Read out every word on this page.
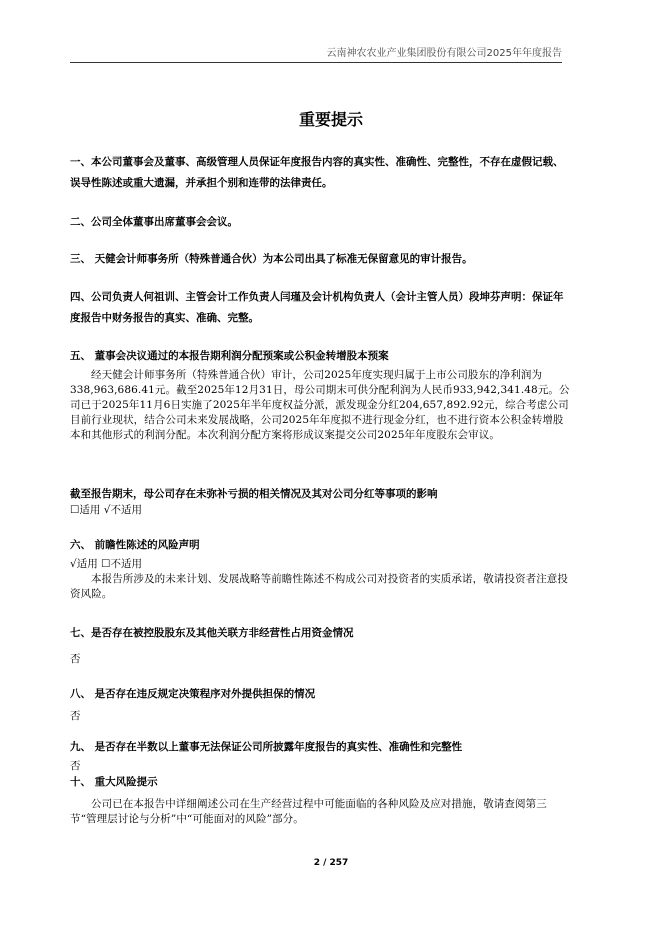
云南神农农业产业集团股份有限公司2025年年度报告
重要提示
一、本公司董事会及董事、高级管理人员保证年度报告内容的真实性、准确性、完整性，不存在虚假记载、误导性陈述或重大遗漏，并承担个别和连带的法律责任。
二、公司全体董事出席董事会会议。
三、 天健会计师事务所（特殊普通合伙）为本公司出具了标准无保留意见的审计报告。
四、公司负责人何祖训、主管会计工作负责人闫瑾及会计机构负责人（会计主管人员）段坤芬声明：保证年度报告中财务报告的真实、准确、完整。
五、 董事会决议通过的本报告期利润分配预案或公积金转增股本预案
经天健会计师事务所（特殊普通合伙）审计，公司2025年度实现归属于上市公司股东的净利润为338,963,686.41元。截至2025年12月31日，母公司期末可供分配利润为人民币933,942,341.48元。公司已于2025年11月6日实施了2025年半年度权益分派，派发现金分红204,657,892.92元，综合考虑公司目前行业现状，结合公司未来发展战略，公司2025年年度拟不进行现金分红，也不进行资本公积金转增股本和其他形式的利润分配。本次利润分配方案将形成议案提交公司2025年年度股东会审议。
截至报告期末，母公司存在未弥补亏损的相关情况及其对公司分红等事项的影响
☐适用 √不适用
六、 前瞻性陈述的风险声明
√适用 ☐不适用
本报告所涉及的未来计划、发展战略等前瞻性陈述不构成公司对投资者的实质承诺，敬请投资者注意投资风险。
七、是否存在被控股股东及其他关联方非经营性占用资金情况
否
八、 是否存在违反规定决策程序对外提供担保的情况
否
九、 是否存在半数以上董事无法保证公司所披露年度报告的真实性、准确性和完整性
否
十、 重大风险提示
公司已在本报告中详细阐述公司在生产经营过程中可能面临的各种风险及应对措施，敬请查阅第三节“管理层讨论与分析”中“可能面对的风险”部分。
2 / 257
